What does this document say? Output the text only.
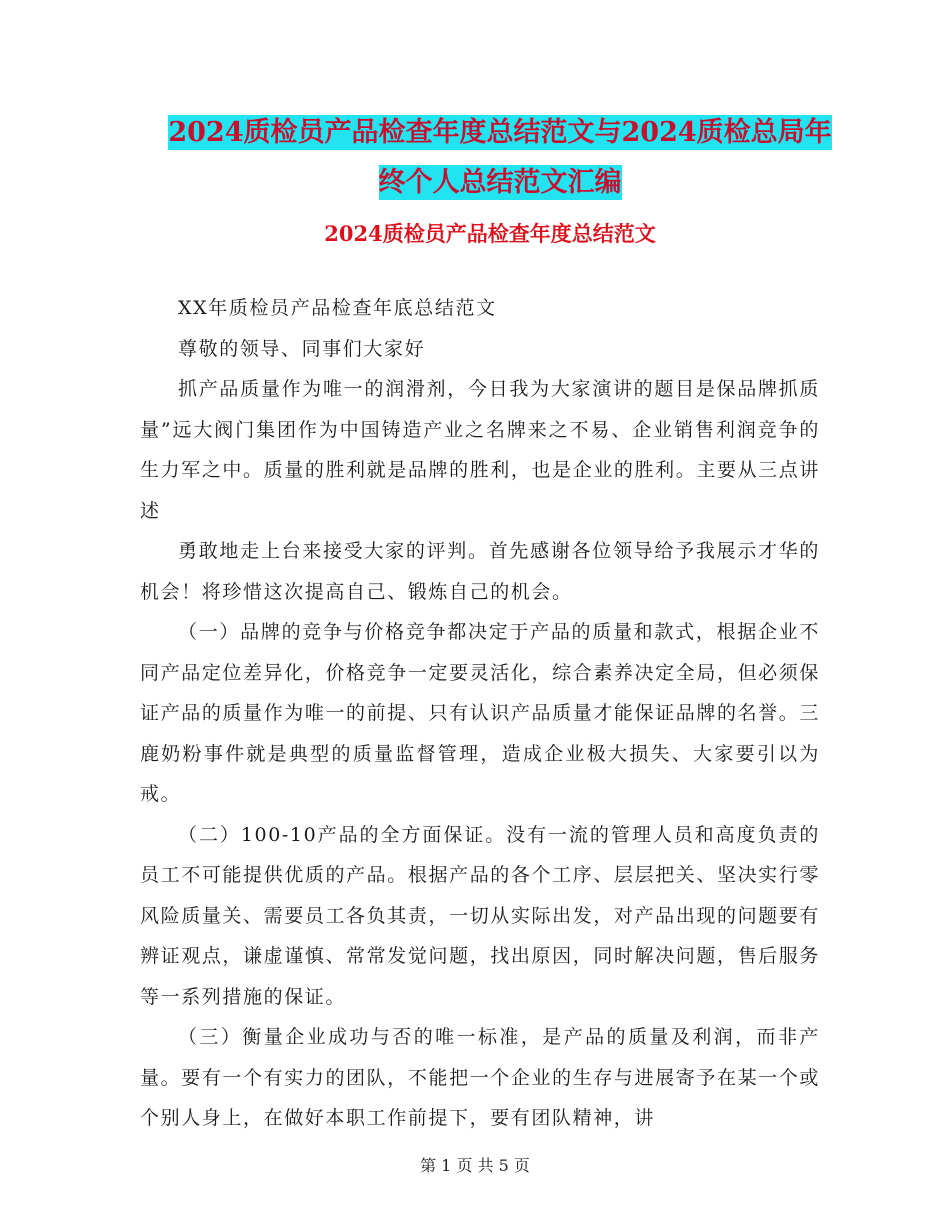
2024质检员产品检查年度总结范文与2024质检总局年
终个人总结范文汇编
2024质检员产品检查年度总结范文

XX年质检员产品检查年底总结范文

尊敬的领导、同事们大家好

抓产品质量作为唯一的润滑剂，今日我为大家演讲的题目是保品牌抓质量”远大阀门集团作为中国铸造产业之名牌来之不易、企业销售利润竞争的生力军之中。质量的胜利就是品牌的胜利，也是企业的胜利。主要从三点讲述

勇敢地走上台来接受大家的评判。首先感谢各位领导给予我展示才华的机会！将珍惜这次提高自己、锻炼自己的机会。

（一）品牌的竞争与价格竞争都决定于产品的质量和款式，根据企业不同产品定位差异化，价格竞争一定要灵活化，综合素养决定全局，但必须保证产品的质量作为唯一的前提、只有认识产品质量才能保证品牌的名誉。三鹿奶粉事件就是典型的质量监督管理，造成企业极大损失、大家要引以为戒。

（二）100-10产品的全方面保证。没有一流的管理人员和高度负责的员工不可能提供优质的产品。根据产品的各个工序、层层把关、坚决实行零风险质量关、需要员工各负其责，一切从实际出发，对产品出现的问题要有辨证观点，谦虚谨慎、常常发觉问题，找出原因，同时解决问题，售后服务等一系列措施的保证。

（三）衡量企业成功与否的唯一标准，是产品的质量及利润，而非产量。要有一个有实力的团队，不能把一个企业的生存与进展寄予在某一个或个别人身上，在做好本职工作前提下，要有团队精神，讲

第 1 页 共 5 页
